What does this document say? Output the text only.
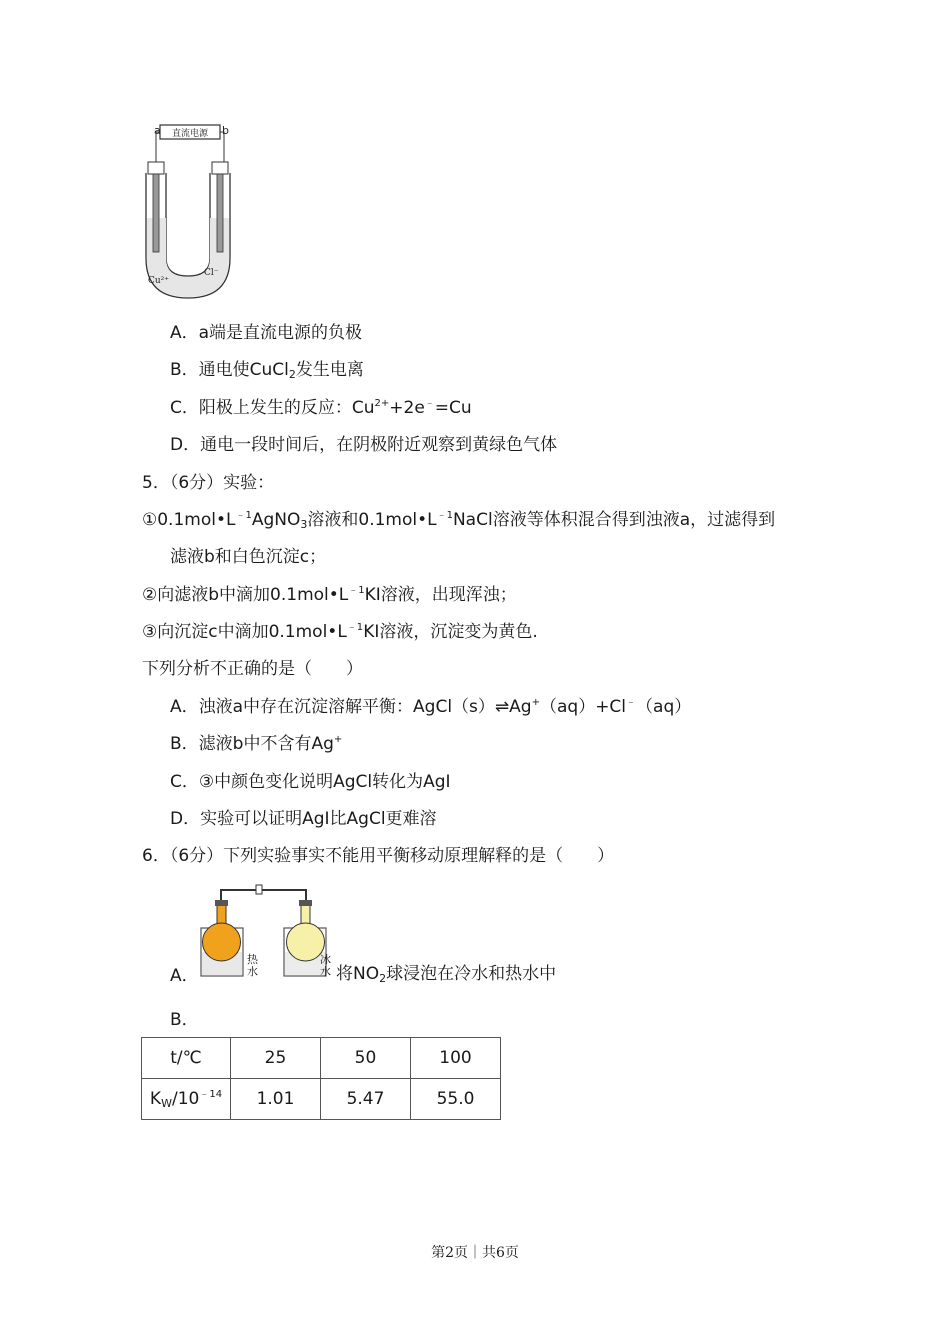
直流电源
a	b
Cu²⁺
Cl⁻
A．a端是直流电源的负极
B．通电使CuCl$_2$发生电离
C．阳极上发生的反应：$Cu^{2+}+2e^﹣=Cu$
D．通电一段时间后，在阴极附近观察到黄绿色气体
5．（6分）实验：
$①0.1mol•L^{﹣1}AgNO_3$溶液和$0.1mol•L^{﹣1}NaCl$溶液等体积混合得到浊液a，过滤得到
滤液b和白色沉淀c；
②向滤液b中滴加$0.1mol•L^{﹣1}KI$溶液，出现浑浊；
③向沉淀c中滴加$0.1mol•L^{﹣1}KI$溶液，沉淀变为黄色.
下列分析不正确的是（　　）
A．浊液a中存在沉淀溶解平衡：AgCl（s）⇌Ag+（aq）+Cl﹣（aq）
B．滤液b中不含有Ag+
C．③中颜色变化说明AgCl转化为AgI
D．实验可以证明AgI比AgCl更难溶
6．（6分）下列实验事实不能用平衡移动原理解释的是（　　）
热水
冰水
A．	将$NO_2$球浸泡在冷水和热水中
B．
t/℃	25	50	100
$K_W/10^{﹣14}$	1.01	5.47	55.0
第2页｜共6页
